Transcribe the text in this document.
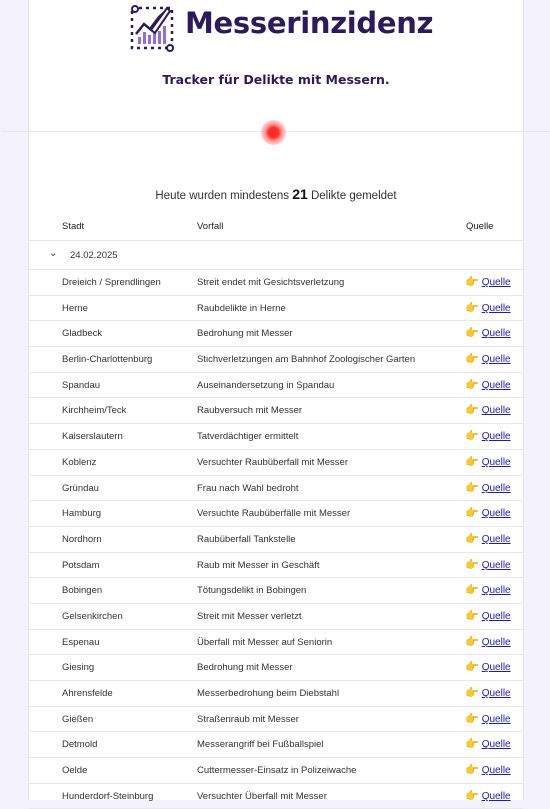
Messerinzidenz
Tracker für Delikte mit Messern.
Heute wurden mindestens 21 Delikte gemeldet
Stadt	Vorfall	Quelle
⌄ 24.02.2025
Dreieich / Sprendlingen	Streit endet mit Gesichtsverletzung	👉 Quelle
Herne	Raubdelikte in Herne	👉 Quelle
Gladbeck	Bedrohung mit Messer	👉 Quelle
Berlin-Charlottenburg	Stichverletzungen am Bahnhof Zoologischer Garten	👉 Quelle
Spandau	Auseinandersetzung in Spandau	👉 Quelle
Kirchheim/Teck	Raubversuch mit Messer	👉 Quelle
Kaiserslautern	Tatverdächtiger ermittelt	👉 Quelle
Koblenz	Versuchter Raubüberfall mit Messer	👉 Quelle
Gründau	Frau nach Wahl bedroht	👉 Quelle
Hamburg	Versuchte Raubüberfälle mit Messer	👉 Quelle
Nordhorn	Raubüberfall Tankstelle	👉 Quelle
Potsdam	Raub mit Messer in Geschäft	👉 Quelle
Bobingen	Tötungsdelikt in Bobingen	👉 Quelle
Gelsenkirchen	Streit mit Messer verletzt	👉 Quelle
Espenau	Überfall mit Messer auf Seniorin	👉 Quelle
Giesing	Bedrohung mit Messer	👉 Quelle
Ahrensfelde	Messerbedrohung beim Diebstahl	👉 Quelle
Gießen	Straßenraub mit Messer	👉 Quelle
Detmold	Messerangriff bei Fußballspiel	👉 Quelle
Oelde	Cuttermesser-Einsatz in Polizeiwache	👉 Quelle
Hunderdorf-Steinburg	Versuchter Überfall mit Messer	👉 Quelle
